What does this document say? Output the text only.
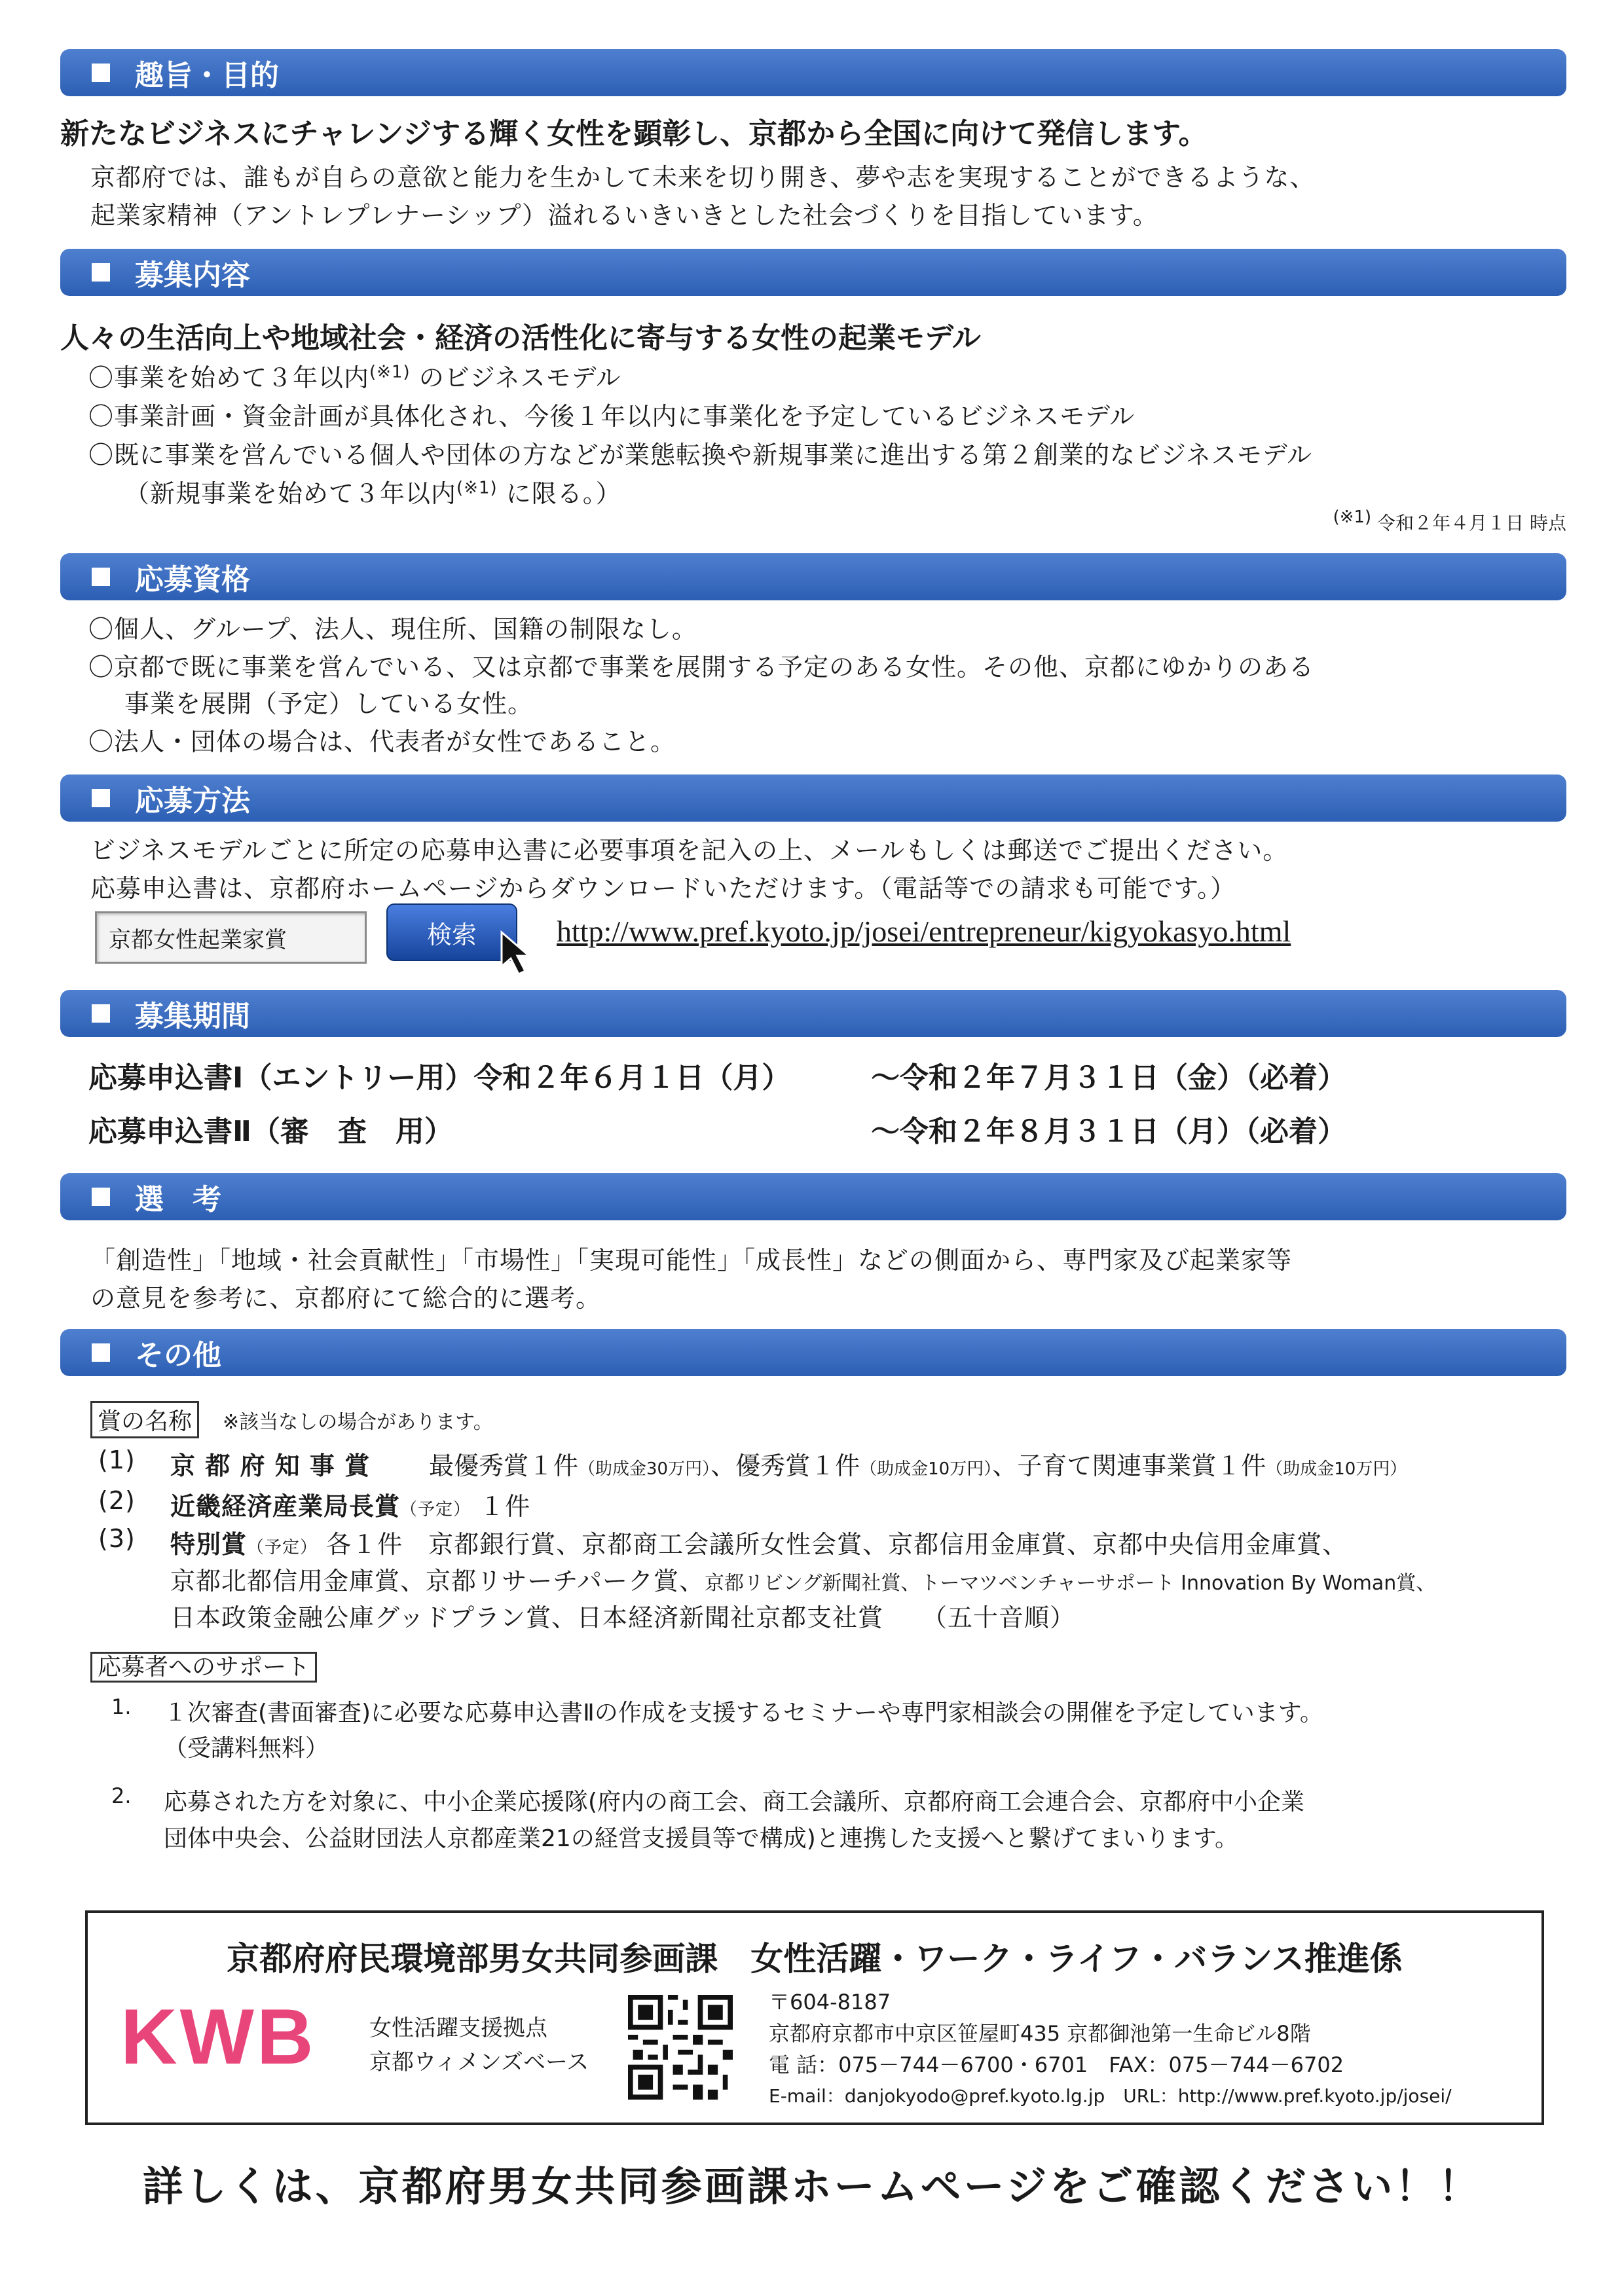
趣旨・目的
新たなビジネスにチャレンジする輝く女性を顕彰し、京都から全国に向けて発信します。
京都府では、誰もが自らの意欲と能力を生かして未来を切り開き、夢や志を実現することができるような、
起業家精神（アントレプレナーシップ）溢れるいきいきとした社会づくりを目指しています。
募集内容
人々の生活向上や地域社会・経済の活性化に寄与する女性の起業モデル
〇事業を始めて３年以内$^{(※1)}$ のビジネスモデル
〇事業計画・資金計画が具体化され、今後１年以内に事業化を予定しているビジネスモデル
〇既に事業を営んでいる個人や団体の方などが業態転換や新規事業に進出する第２創業的なビジネスモデル
（新規事業を始めて３年以内$^{(※1)}$ に限る。）
$^{(※1)}$ 令和２年４月１日 時点
応募資格
〇個人、グループ、法人、現住所、国籍の制限なし。
〇京都で既に事業を営んでいる、又は京都で事業を展開する予定のある女性。その他、京都にゆかりのある
事業を展開（予定）している女性。
〇法人・団体の場合は、代表者が女性であること。
応募方法
ビジネスモデルごとに所定の応募申込書に必要事項を記入の上、メールもしくは郵送でご提出ください。
応募申込書は、京都府ホームページからダウンロードいただけます。（電話等での請求も可能です。）
京都女性起業家賞	検索	http://www.pref.kyoto.jp/josei/entrepreneur/kigyokasyo.html
募集期間
応募申込書Ⅰ（エントリー用）令和２年６月１日（月）	～令和２年７月３１日（金）（必着）
応募申込書Ⅱ（審　査　用）	～令和２年８月３１日（月）（必着）
選　考
「創造性」「地域・社会貢献性」「市場性」「実現可能性」「成長性」などの側面から、専門家及び起業家等
の意見を参考に、京都府にて総合的に選考。
その他
賞の名称	※該当なしの場合があります。
(1) 京 都 府 知 事 賞 最優秀賞１件（助成金30万円）、優秀賞１件（助成金10万円）、子育て関連事業賞１件（助成金10万円）
(2) 近畿経済産業局長賞（予定） １件
(3) 特別賞（予定） 各１件　京都銀行賞、京都商工会議所女性会賞、京都信用金庫賞、京都中央信用金庫賞、
京都北都信用金庫賞、京都リサーチパーク賞、京都リビング新聞社賞、トーマツベンチャーサポート Innovation By Woman賞、
日本政策金融公庫グッドプラン賞、日本経済新聞社京都支社賞　　（五十音順）
応募者へのサポート
1. １次審査(書面審査)に必要な応募申込書Ⅱの作成を支援するセミナーや専門家相談会の開催を予定しています。
（受講料無料）
2. 応募された方を対象に、中小企業応援隊(府内の商工会、商工会議所、京都府商工会連合会、京都府中小企業
団体中央会、公益財団法人京都産業21の経営支援員等で構成)と連携した支援へと繋げてまいります。
京都府府民環境部男女共同参画課　女性活躍・ワーク・ライフ・バランス推進係
KWB 女性活躍支援拠点
京都ウィメンズベース
〒604-8187
京都府京都市中京区笹屋町435 京都御池第一生命ビル8階
電 話：075－744－6700・6701　FAX：075－744－6702
E-mail：danjokyodo@pref.kyoto.lg.jp　URL：http://www.pref.kyoto.jp/josei/
詳しくは、京都府男女共同参画課ホームページをご確認ください！！
